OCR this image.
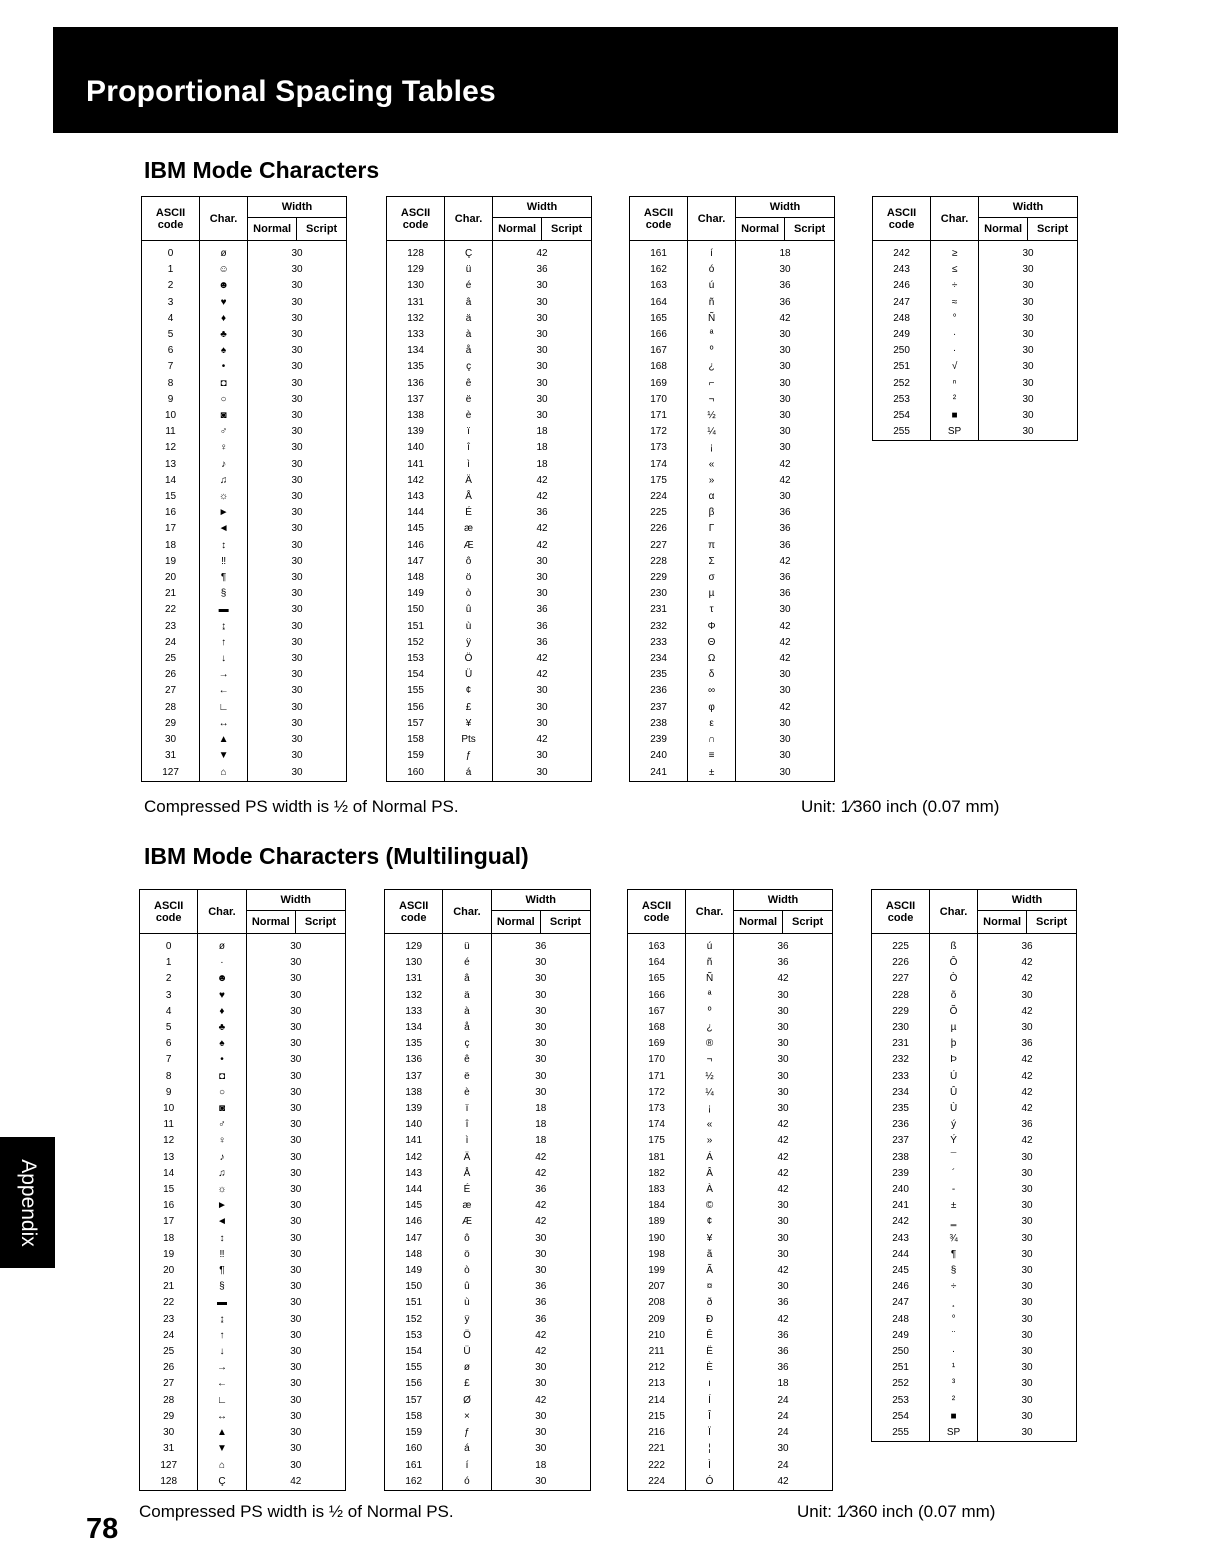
Proportional Spacing Tables
IBM Mode Characters
ASCII
code	Char.	Width	
		Normal	Script

0	ø	30	
1	☺	30	
2	☻	30	
3	♥	30	
4	♦	30	
5	♣	30	
6	♠	30	
7	•	30	
8	◘	30	
9	○	30	
10	◙	30	
11	♂	30	
12	♀	30	
13	♪	30	
14	♫	30	
15	☼	30	
16	►	30	
17	◄	30	
18	↕	30	
19	‼	30	
20	¶	30	
21	§	30	
22	▬	30	
23	↨	30	
24	↑	30	
25	↓	30	
26	→	30	
27	←	30	
28	∟	30	
29	↔	30	
30	▲	30	
31	▼	30	
127	⌂	30	
ASCII
code	Char.	Width	
		Normal	Script

128	Ç	42	
129	ü	36	
130	é	30	
131	â	30	
132	ä	30	
133	à	30	
134	å	30	
135	ç	30	
136	ê	30	
137	ë	30	
138	è	30	
139	ï	18	
140	î	18	
141	ì	18	
142	Ä	42	
143	Å	42	
144	É	36	
145	æ	42	
146	Æ	42	
147	ô	30	
148	ö	30	
149	ò	30	
150	û	36	
151	ù	36	
152	ÿ	36	
153	Ö	42	
154	Ü	42	
155	¢	30	
156	£	30	
157	¥	30	
158	Pts	42	
159	ƒ	30	
160	á	30	
ASCII
code	Char.	Width	
		Normal	Script

161	í	18	
162	ó	30	
163	ú	36	
164	ñ	36	
165	Ñ	42	
166	ª	30	
167	º	30	
168	¿	30	
169	⌐	30	
170	¬	30	
171	½	30	
172	¼	30	
173	¡	30	
174	«	42	
175	»	42	
224	α	30	
225	β	36	
226	Γ	36	
227	π	36	
228	Σ	42	
229	σ	36	
230	µ	36	
231	τ	30	
232	Φ	42	
233	Θ	42	
234	Ω	42	
235	δ	30	
236	∞	30	
237	φ	42	
238	ε	30	
239	∩	30	
240	≡	30	
241	±	30	
ASCII
code	Char.	Width	
		Normal	Script

242	≥	30	
243	≤	30	
246	÷	30	
247	≈	30	
248	°	30	
249	∙	30	
250	·	30	
251	√	30	
252	ⁿ	30	
253	²	30	
254	■	30	
255	SP	30	
Compressed PS width is ½ of Normal PS.	Unit: 1⁄360 inch (0.07 mm)
IBM Mode Characters (Multilingual)
ASCII
code	Char.	Width	
		Normal	Script

0	ø	30	
1	·	30	
2	☻	30	
3	♥	30	
4	♦	30	
5	♣	30	
6	♠	30	
7	•	30	
8	◘	30	
9	○	30	
10	◙	30	
11	♂	30	
12	♀	30	
13	♪	30	
14	♫	30	
15	☼	30	
16	►	30	
17	◄	30	
18	↕	30	
19	‼	30	
20	¶	30	
21	§	30	
22	▬	30	
23	↨	30	
24	↑	30	
25	↓	30	
26	→	30	
27	←	30	
28	∟	30	
29	↔	30	
30	▲	30	
31	▼	30	
127	⌂	30	
128	Ç	42	
ASCII
code	Char.	Width	
		Normal	Script

129	ü	36	
130	é	30	
131	â	30	
132	ä	30	
133	à	30	
134	å	30	
135	ç	30	
136	ê	30	
137	ë	30	
138	è	30	
139	ï	18	
140	î	18	
141	ì	18	
142	Ä	42	
143	Å	42	
144	É	36	
145	æ	42	
146	Æ	42	
147	ô	30	
148	ö	30	
149	ò	30	
150	û	36	
151	ù	36	
152	ÿ	36	
153	Ö	42	
154	Ü	42	
155	ø	30	
156	£	30	
157	Ø	42	
158	×	30	
159	ƒ	30	
160	á	30	
161	í	18	
162	ó	30	
ASCII
code	Char.	Width	
		Normal	Script

163	ú	36	
164	ñ	36	
165	Ñ	42	
166	ª	30	
167	º	30	
168	¿	30	
169	®	30	
170	¬	30	
171	½	30	
172	¼	30	
173	¡	30	
174	«	42	
175	»	42	
181	Á	42	
182	Â	42	
183	À	42	
184	©	30	
189	¢	30	
190	¥	30	
198	ã	30	
199	Ã	42	
207	¤	30	
208	ð	36	
209	Ð	42	
210	Ê	36	
211	Ë	36	
212	È	36	
213	ı	18	
214	Í	24	
215	Î	24	
216	Ï	24	
221	¦	30	
222	Ì	24	
224	Ó	42	
ASCII
code	Char.	Width	
		Normal	Script

225	ß	36	
226	Ô	42	
227	Ò	42	
228	õ	30	
229	Õ	42	
230	µ	30	
231	þ	36	
232	Þ	42	
233	Ú	42	
234	Û	42	
235	Ù	42	
236	ý	36	
237	Ý	42	
238	¯	30	
239	´	30	
240	-	30	
241	±	30	
242	‗	30	
243	¾	30	
244	¶	30	
245	§	30	
246	÷	30	
247	¸	30	
248	°	30	
249	¨	30	
250	·	30	
251	¹	30	
252	³	30	
253	²	30	
254	■	30	
255	SP	30	
Compressed PS width is ½ of Normal PS.	Unit: 1⁄360 inch (0.07 mm)
78
Appendix
